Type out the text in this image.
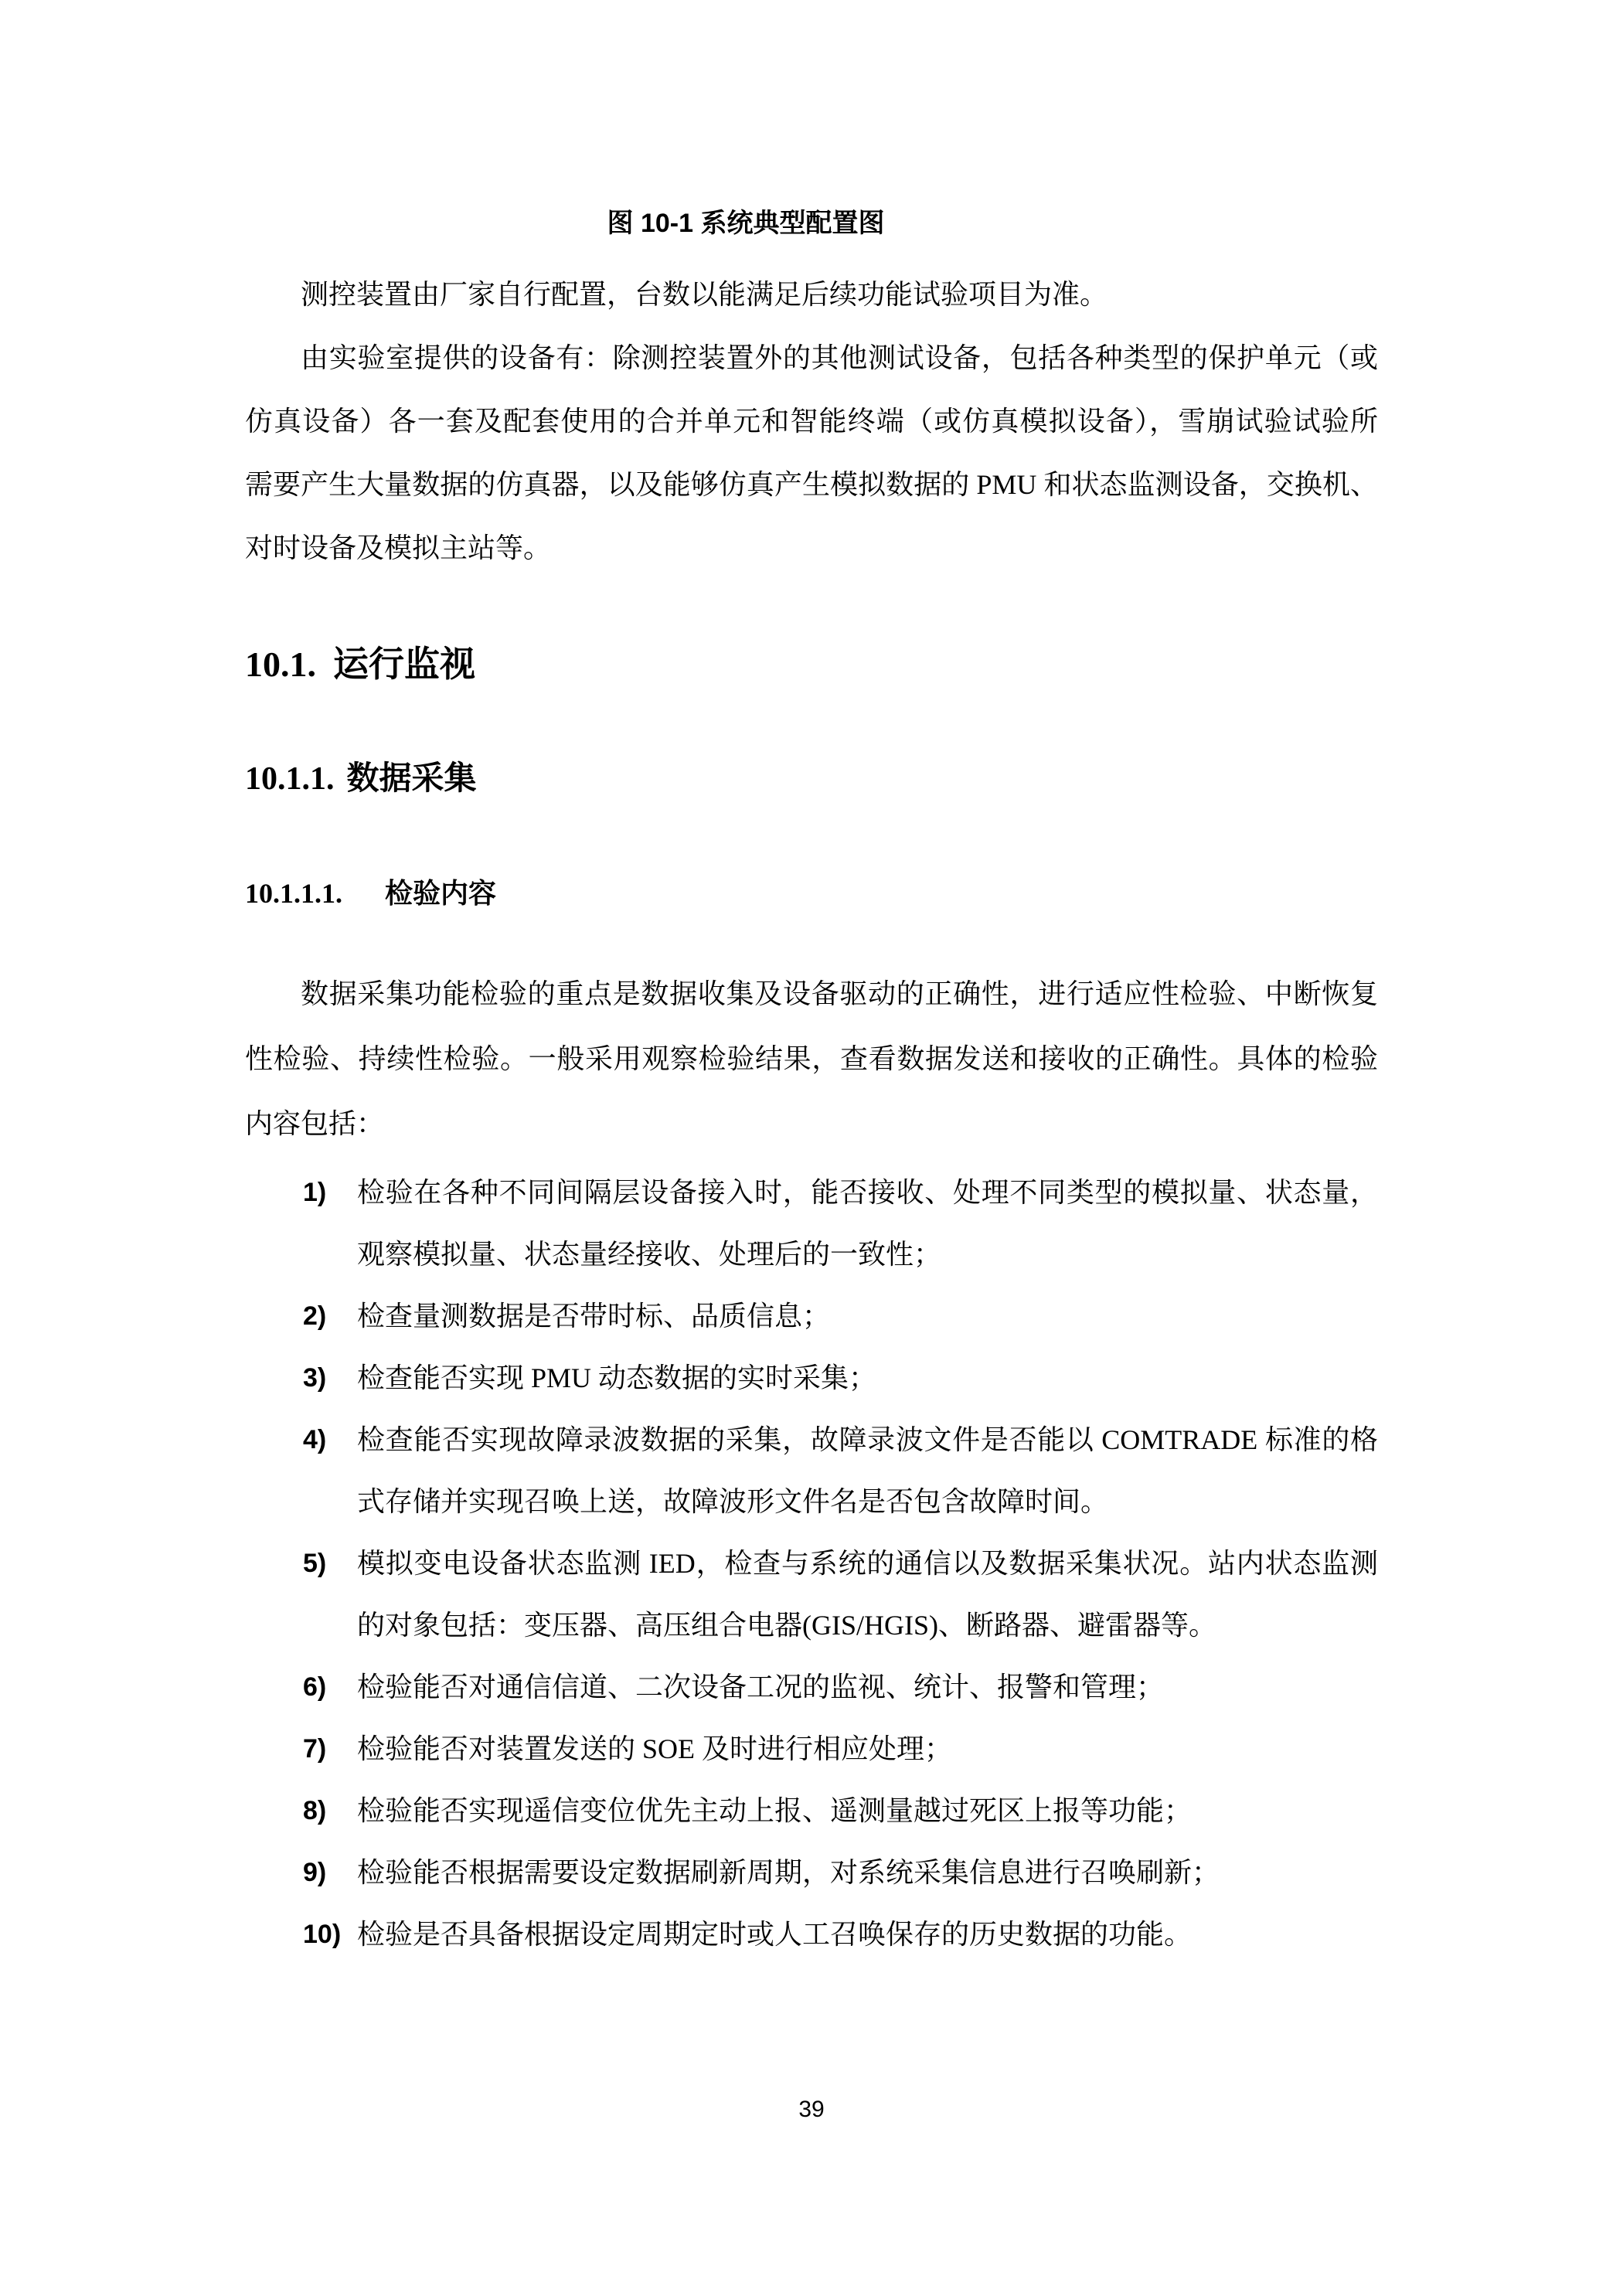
图 10-1 系统典型配置图
测控装置由厂家自行配置，台数以能满足后续功能试验项目为准。
由实验室提供的设备有：除测控装置外的其他测试设备，包括各种类型的保护单元（或
仿真设备）各一套及配套使用的合并单元和智能终端（或仿真模拟设备），雪崩试验试验所
需要产生大量数据的仿真器，以及能够仿真产生模拟数据的 PMU 和状态监测设备，交换机、
对时设备及模拟主站等。
10.1. 运行监视
10.1.1. 数据采集
10.1.1.1. 检验内容
数据采集功能检验的重点是数据收集及设备驱动的正确性，进行适应性检验、中断恢复
性检验、持续性检验。一般采用观察检验结果，查看数据发送和接收的正确性。具体的检验
内容包括：
1)	检验在各种不同间隔层设备接入时，能否接收、处理不同类型的模拟量、状态量，
观察模拟量、状态量经接收、处理后的一致性；
2)	检查量测数据是否带时标、品质信息；
3)	检查能否实现 PMU 动态数据的实时采集；
4)	检查能否实现故障录波数据的采集，故障录波文件是否能以 COMTRADE 标准的格
式存储并实现召唤上送，故障波形文件名是否包含故障时间。
5)	模拟变电设备状态监测 IED，检查与系统的通信以及数据采集状况。站内状态监测
的对象包括：变压器、高压组合电器(GIS/HGIS)、断路器、避雷器等。
6)	检验能否对通信信道、二次设备工况的监视、统计、报警和管理；
7)	检验能否对装置发送的 SOE 及时进行相应处理；
8)	检验能否实现遥信变位优先主动上报、遥测量越过死区上报等功能；
9)	检验能否根据需要设定数据刷新周期，对系统采集信息进行召唤刷新；
10) 检验是否具备根据设定周期定时或人工召唤保存的历史数据的功能。
39
